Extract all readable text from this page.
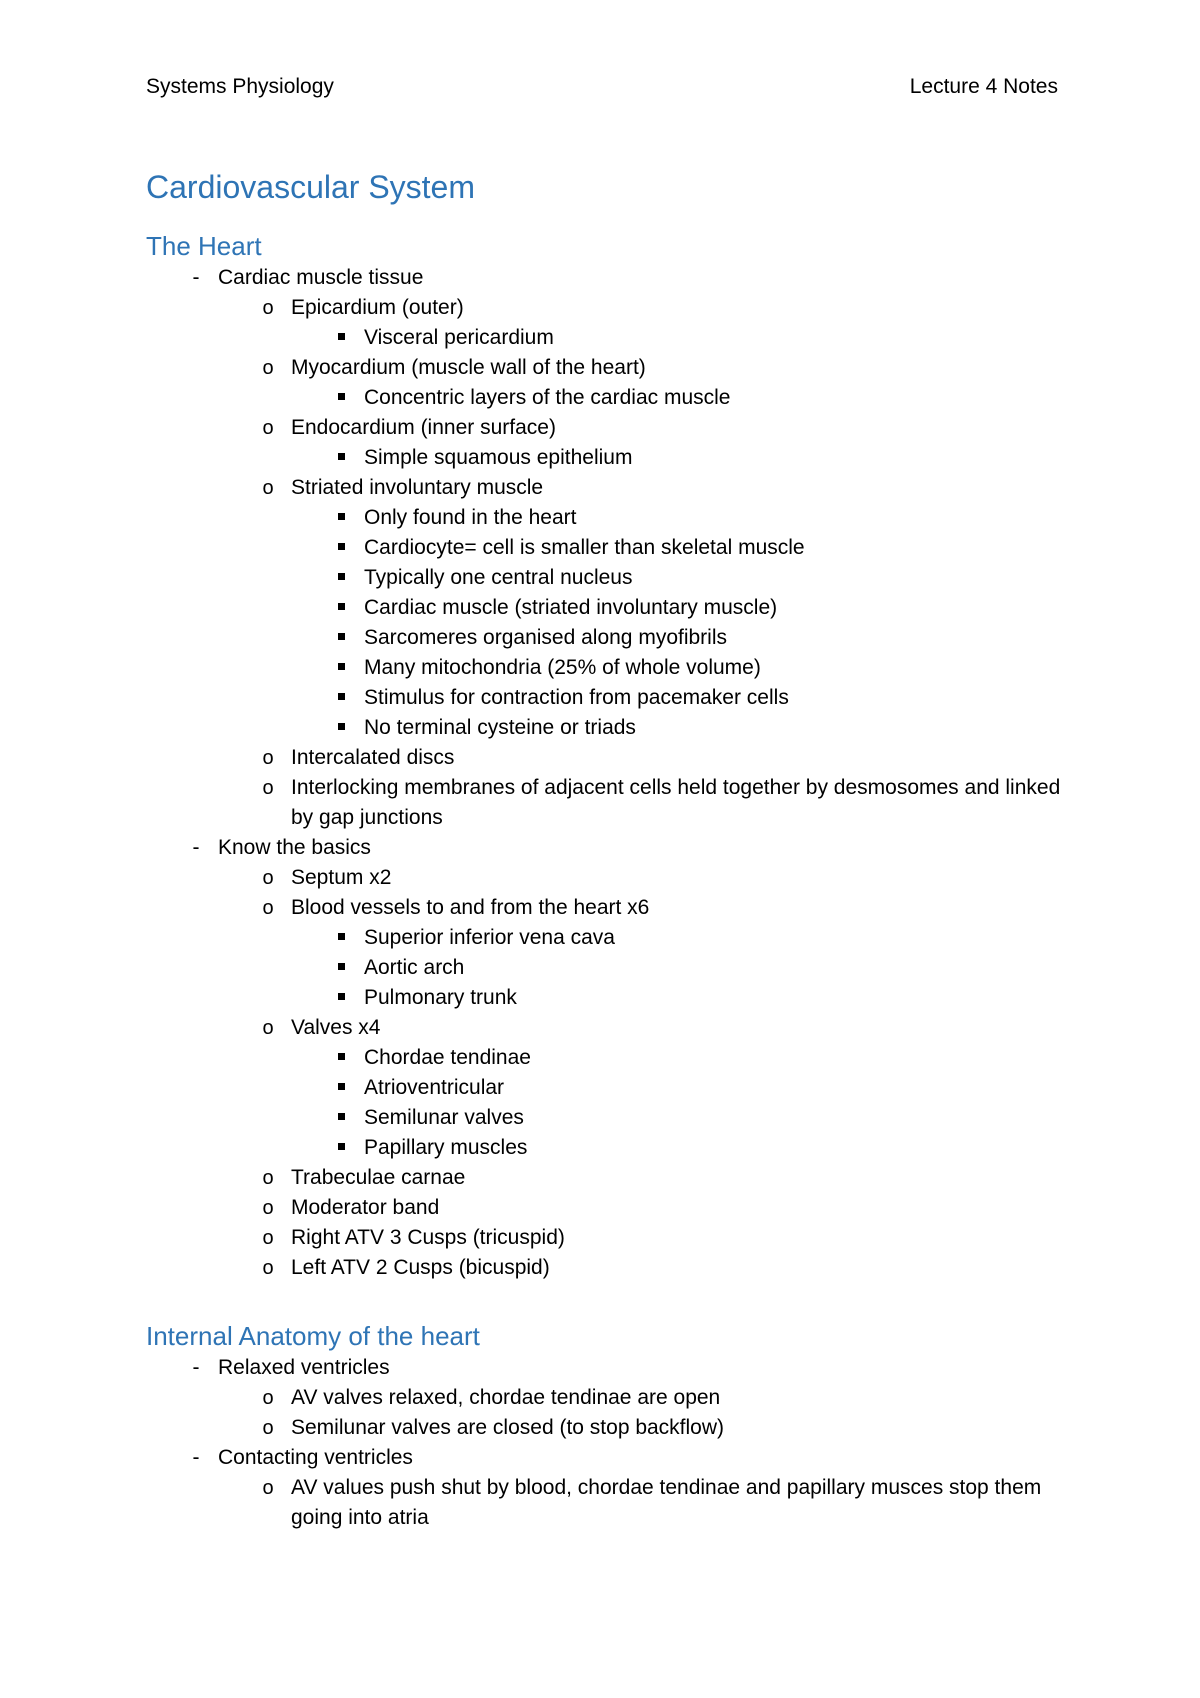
Systems Physiology	Lecture 4 Notes
Cardiovascular System
The Heart
- Cardiac muscle tissue
o Epicardium (outer)
Visceral pericardium
o Myocardium (muscle wall of the heart)
Concentric layers of the cardiac muscle
o Endocardium (inner surface)
Simple squamous epithelium
o Striated involuntary muscle
Only found in the heart
Cardiocyte= cell is smaller than skeletal muscle
Typically one central nucleus
Cardiac muscle (striated involuntary muscle)
Sarcomeres organised along myofibrils
Many mitochondria (25% of whole volume)
Stimulus for contraction from pacemaker cells
No terminal cysteine or triads
o Intercalated discs
o Interlocking membranes of adjacent cells held together by desmosomes and linked by gap junctions
- Know the basics
o Septum x2
o Blood vessels to and from the heart x6
Superior inferior vena cava
Aortic arch
Pulmonary trunk
o Valves x4
Chordae tendinae
Atrioventricular
Semilunar valves
Papillary muscles
o Trabeculae carnae
o Moderator band
o Right ATV 3 Cusps (tricuspid)
o Left ATV 2 Cusps (bicuspid)
Internal Anatomy of the heart
- Relaxed ventricles
o AV valves relaxed, chordae tendinae are open
o Semilunar valves are closed (to stop backflow)
- Contacting ventricles
o AV values push shut by blood, chordae tendinae and papillary musces stop them going into atria
